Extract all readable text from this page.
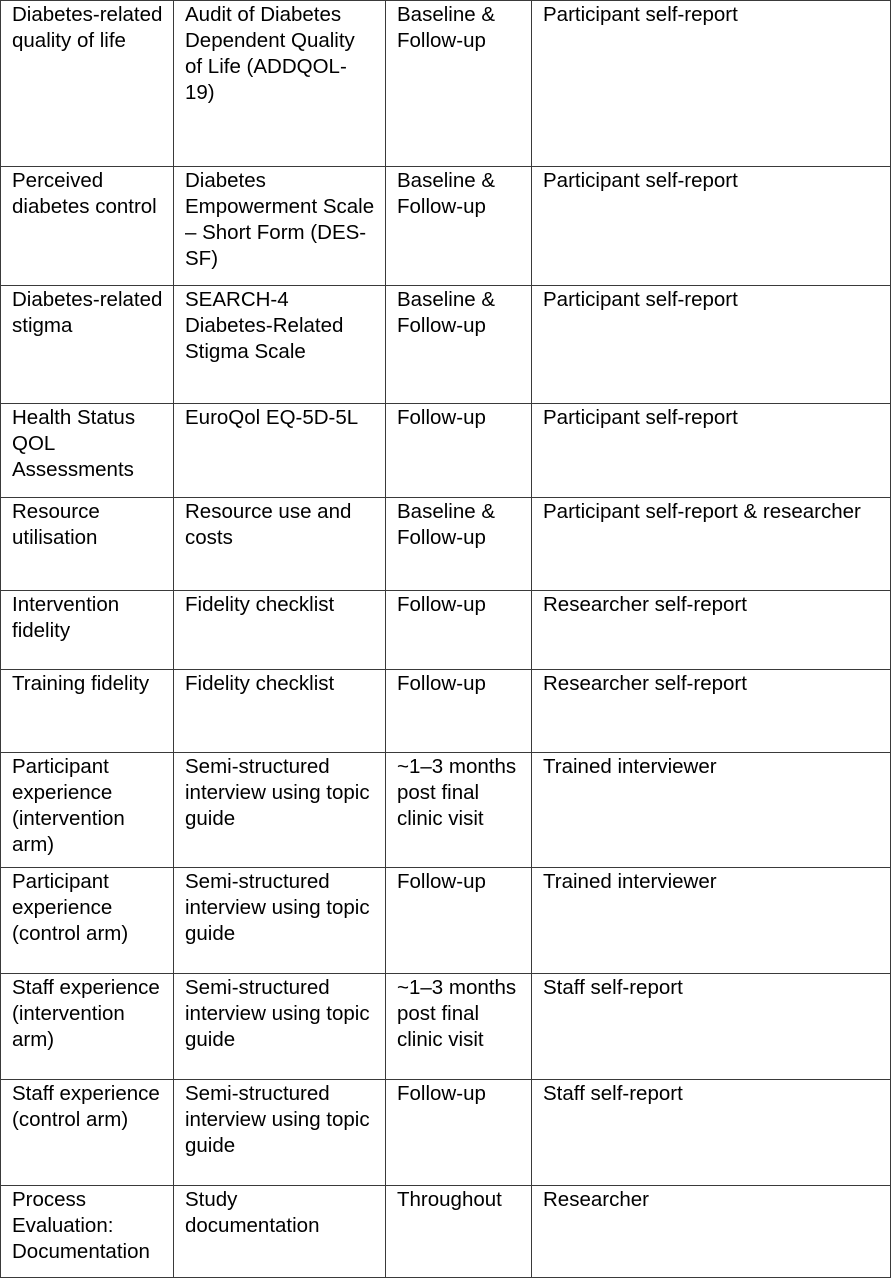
Diabetes-related quality of life	Audit of Diabetes Dependent Quality of Life (ADDQOL-19)	Baseline & Follow-up	Participant self-report
Perceived diabetes control	Diabetes Empowerment Scale – Short Form (DES-SF)	Baseline & Follow-up	Participant self-report
Diabetes-related stigma	SEARCH-4 Diabetes-Related Stigma Scale	Baseline & Follow-up	Participant self-report
Health Status QOL Assessments	EuroQol EQ-5D-5L	Follow-up	Participant self-report
Resource utilisation	Resource use and costs	Baseline & Follow-up	Participant self-report & researcher
Intervention fidelity	Fidelity checklist	Follow-up	Researcher self-report
Training fidelity	Fidelity checklist	Follow-up	Researcher self-report
Participant experience (intervention arm)	Semi-structured interview using topic guide	~1–3 months post final clinic visit	Trained interviewer
Participant experience (control arm)	Semi-structured interview using topic guide	Follow-up	Trained interviewer
Staff experience (intervention arm)	Semi-structured interview using topic guide	~1–3 months post final clinic visit	Staff self-report
Staff experience (control arm)	Semi-structured interview using topic guide	Follow-up	Staff self-report
Process Evaluation: Documentation	Study documentation	Throughout	Researcher
